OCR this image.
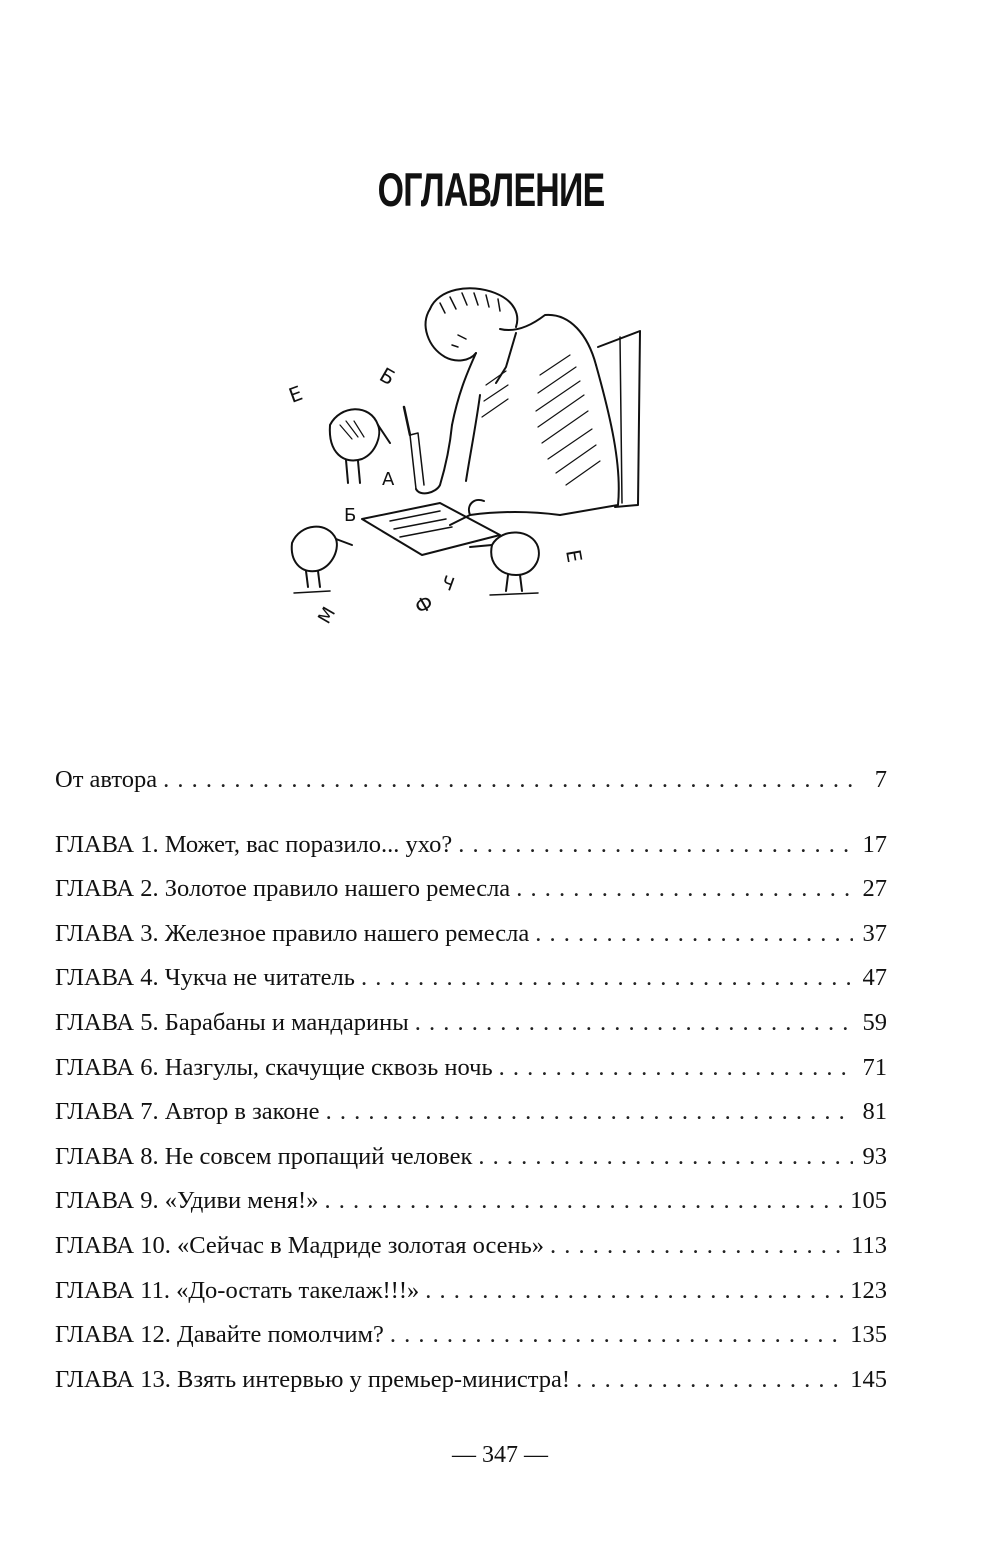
ОГЛАВЛЕНИЕ
Е
Б
А
Б
Ф
Ч
Е
М
От автора . . .	7
ГЛАВА 1. Может, вас поразило... ухо? . . .	17
ГЛАВА 2. Золотое правило нашего ремесла . . .	27
ГЛАВА 3. Железное правило нашего ремесла . . .	37
ГЛАВА 4. Чукча не читатель . . .	47
ГЛАВА 5. Барабаны и мандарины . . .	59
ГЛАВА 6. Назгулы, скачущие сквозь ночь . . .	71
ГЛАВА 7. Автор в законе . . .	81
ГЛАВА 8. Не совсем пропащий человек . . .	93
ГЛАВА 9. «Удиви меня!» . . .	105
ГЛАВА 10. «Сейчас в Мадриде золотая осень» . . .	113
ГЛАВА 11. «До-остать такелаж!!!» . . .	123
ГЛАВА 12. Давайте помолчим? . . .	135
ГЛАВА 13. Взять интервью у премьер-министра! . . .	145
— 347 —
